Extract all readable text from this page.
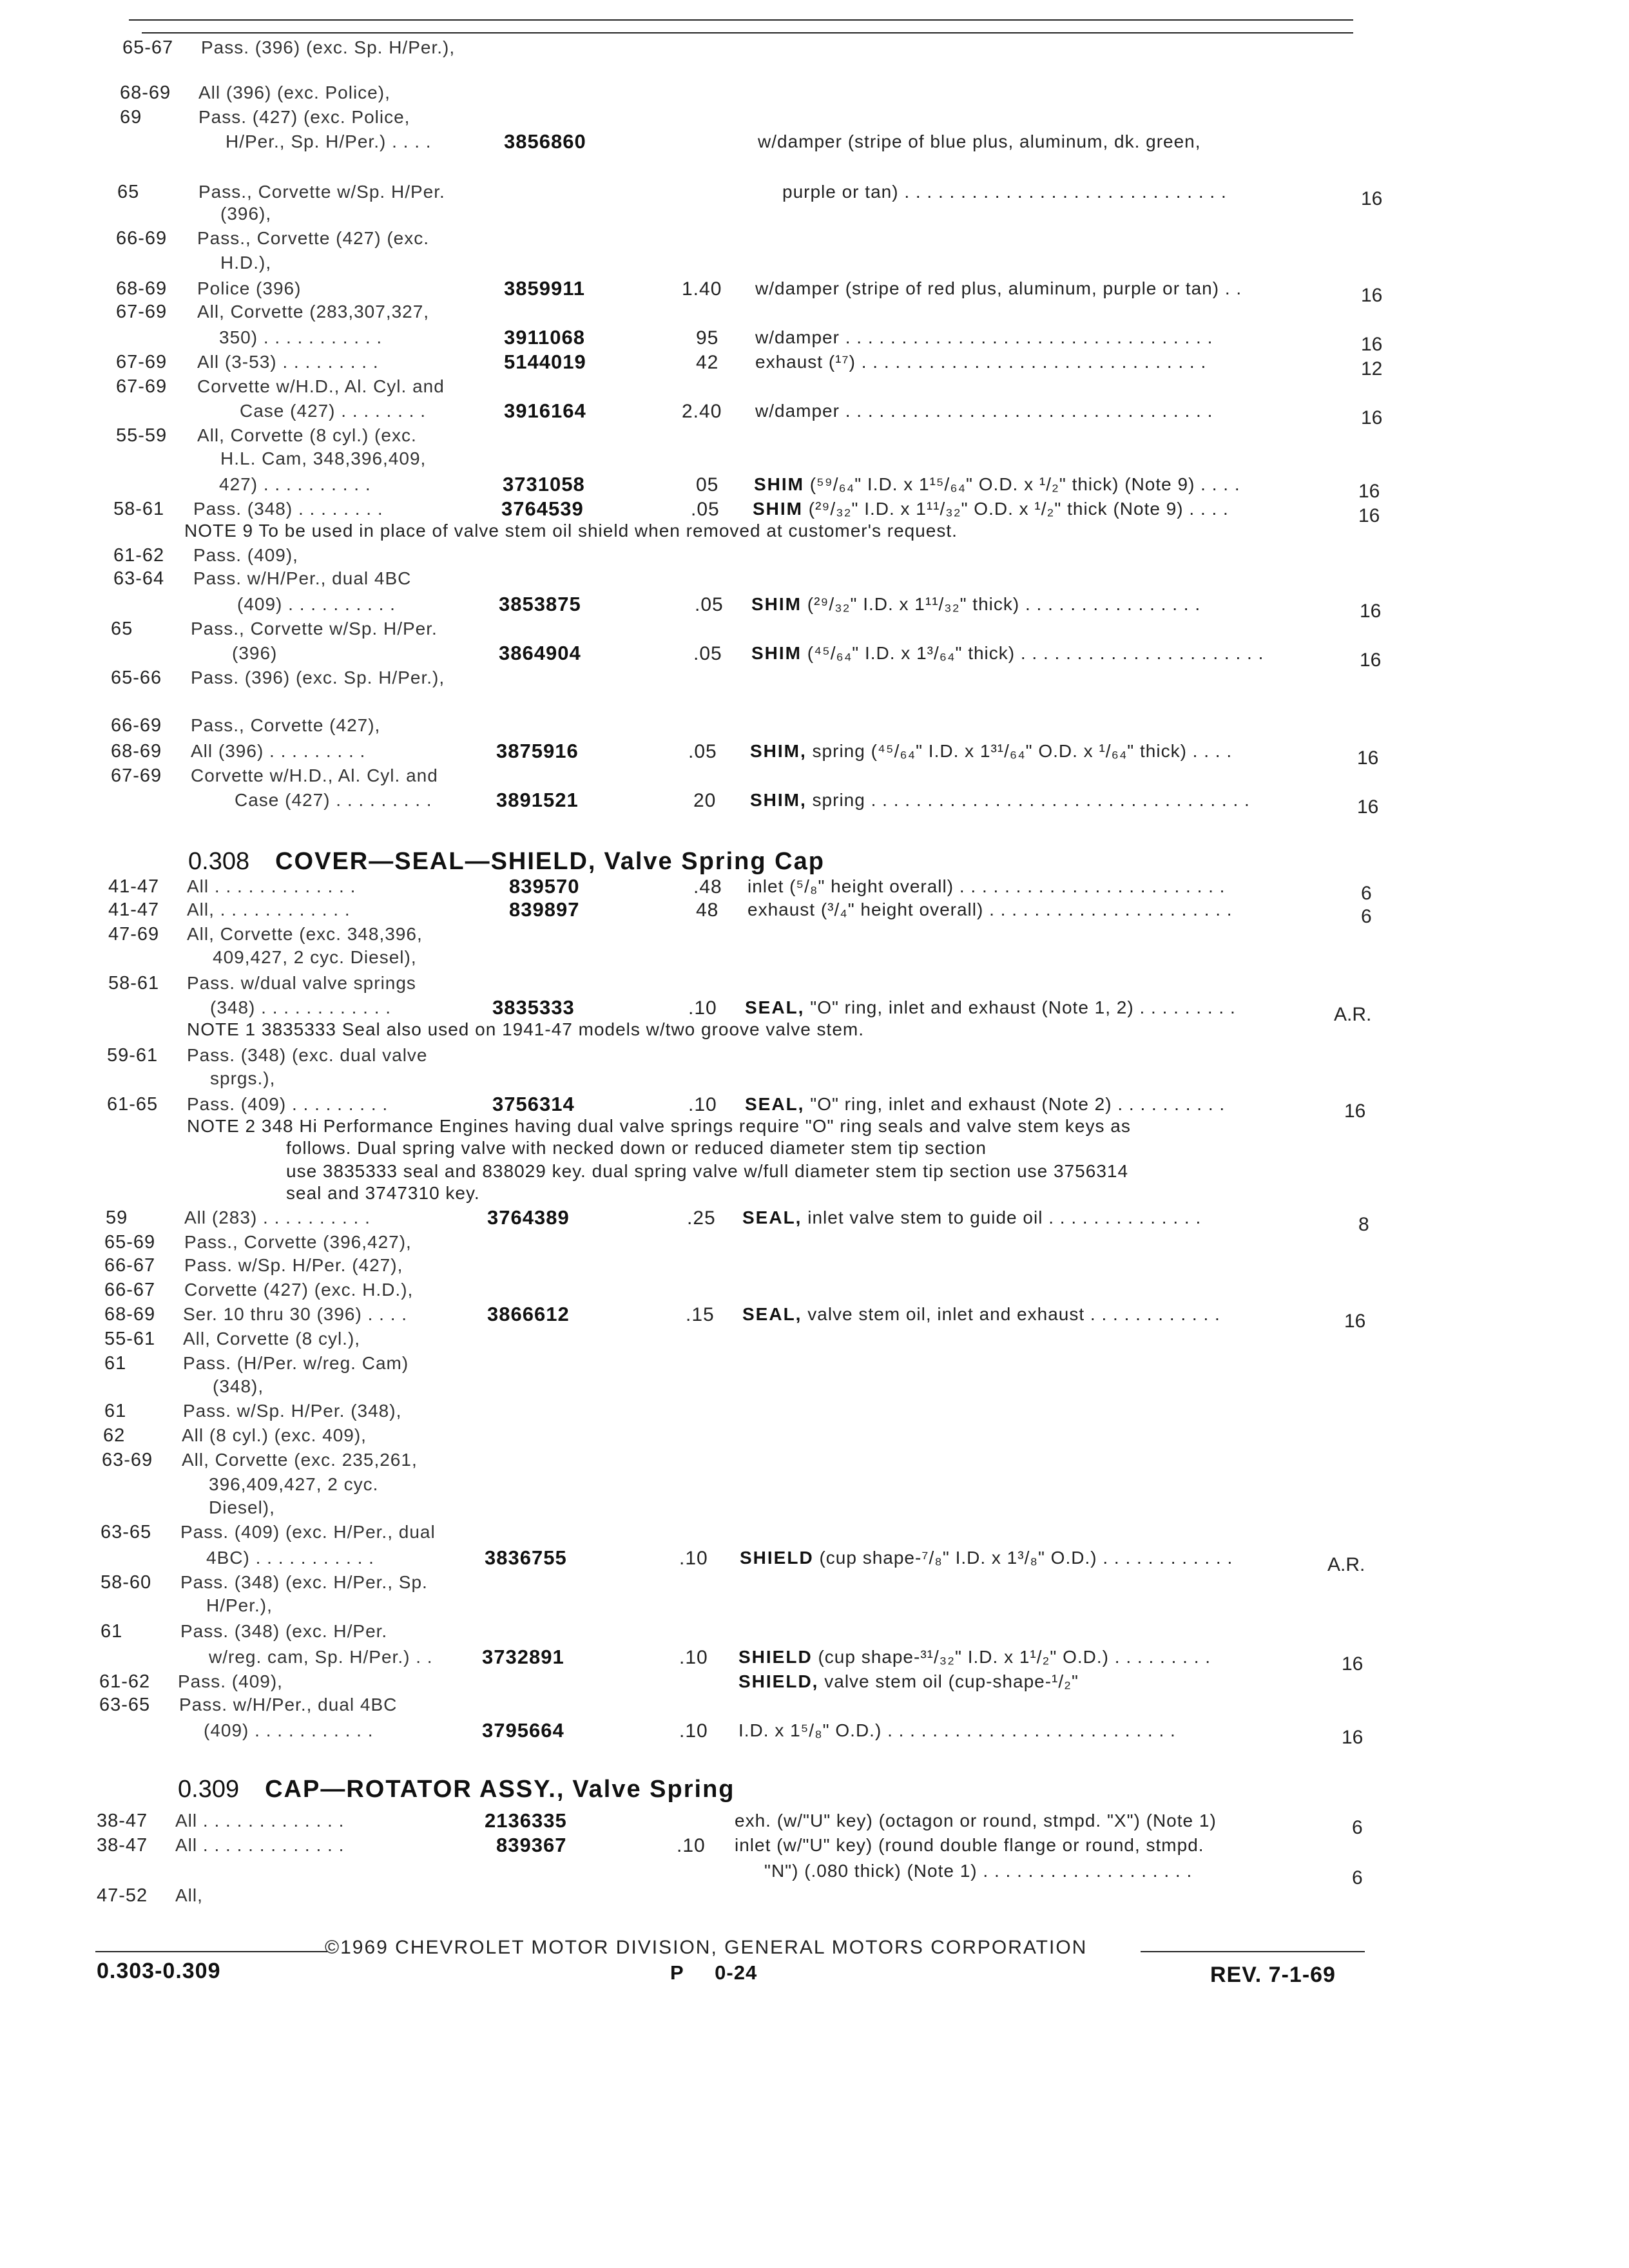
65-67 Pass. (396) (exc. Sp. H/Per.),
68-69 All (396) (exc. Police),
69	Pass. (427) (exc. Police,
H/Per., Sp. H/Per.) . . . .	3856860	w/damper (stripe of blue plus, aluminum, dk. green,
65	Pass., Corvette w/Sp. H/Per.	purple or tan) . . . . . . . . . . . . . . . . . . . . . . . . . . . . .	16
(396),
66-69 Pass., Corvette (427) (exc.
H.D.),
68-69 Police (396)	3859911	1.40 w/damper (stripe of red plus, aluminum, purple or tan) . .	16
67-69 All, Corvette (283,307,327,
350) . . . . . . . . . . .	3911068	95 w/damper . . . . . . . . . . . . . . . . . . . . . . . . . . . . . . . . .	16
67-69 All (3-53) . . . . . . . . .	5144019	42 exhaust (¹⁷) . . . . . . . . . . . . . . . . . . . . . . . . . . . . . . .	12
67-69 Corvette w/H.D., Al. Cyl. and
Case (427) . . . . . . . .	3916164	2.40 w/damper . . . . . . . . . . . . . . . . . . . . . . . . . . . . . . . . .	16
55-59 All, Corvette (8 cyl.) (exc.
H.L. Cam, 348,396,409,
427) . . . . . . . . . .	3731058	05 SHIM (⁵⁹/₆₄" I.D. x 1¹⁵/₆₄" O.D. x ¹/₂" thick) (Note 9) . . . .	16
58-61 Pass. (348) . . . . . . . .	3764539	.05 SHIM (²⁹/₃₂" I.D. x 1¹¹/₃₂" O.D. x ¹/₂" thick (Note 9) . . . .	16
NOTE 9 To be used in place of valve stem oil shield when removed at customer's request.
61-62 Pass. (409),
63-64 Pass. w/H/Per., dual 4BC
(409) . . . . . . . . . .	3853875	.05 SHIM (²⁹/₃₂" I.D. x 1¹¹/₃₂" thick) . . . . . . . . . . . . . . . .	16
65	Pass., Corvette w/Sp. H/Per.
(396)	3864904	.05 SHIM (⁴⁵/₆₄" I.D. x 1³/₆₄" thick) . . . . . . . . . . . . . . . . . . . . . .	16
65-66 Pass. (396) (exc. Sp. H/Per.),
66-69 Pass., Corvette (427),
68-69 All (396) . . . . . . . . .	3875916	.05 SHIM, spring (⁴⁵/₆₄" I.D. x 1³¹/₆₄" O.D. x ¹/₆₄" thick) . . . .	16
67-69 Corvette w/H.D., Al. Cyl. and
Case (427) . . . . . . . . .	3891521	20 SHIM, spring . . . . . . . . . . . . . . . . . . . . . . . . . . . . . . . . . .	16
41-47 All . . . . . . . . . . . . .	839570	.48 inlet (⁵/₈" height overall) . . . . . . . . . . . . . . . . . . . . . . . .	6
41-47 All, . . . . . . . . . . . .	839897	48 exhaust (³/₄" height overall) . . . . . . . . . . . . . . . . . . . . . .	6
47-69 All, Corvette (exc. 348,396,
409,427, 2 cyc. Diesel),
58-61 Pass. w/dual valve springs
(348) . . . . . . . . . . . .	3835333	.10 SEAL, "O" ring, inlet and exhaust (Note 1, 2) . . . . . . . . .	A.R.
NOTE 1 3835333 Seal also used on 1941-47 models w/two groove valve stem.
59-61 Pass. (348) (exc. dual valve
sprgs.),
61-65 Pass. (409) . . . . . . . . .	3756314	.10 SEAL, "O" ring, inlet and exhaust (Note 2) . . . . . . . . . .	16
NOTE 2 348 Hi Performance Engines having dual valve springs require "O" ring seals and valve stem keys as
follows. Dual spring valve with necked down or reduced diameter stem tip section
use 3835333 seal and 838029 key. dual spring valve w/full diameter stem tip section use 3756314
seal and 3747310 key.
59	All (283) . . . . . . . . . .	3764389	.25 SEAL, inlet valve stem to guide oil . . . . . . . . . . . . . .	8
65-69 Pass., Corvette (396,427),
66-67 Pass. w/Sp. H/Per. (427),
66-67 Corvette (427) (exc. H.D.),
68-69 Ser. 10 thru 30 (396) . . . .	3866612	.15 SEAL, valve stem oil, inlet and exhaust . . . . . . . . . . . .	16
55-61 All, Corvette (8 cyl.),
61	Pass. (H/Per. w/reg. Cam)
(348),
61	Pass. w/Sp. H/Per. (348),
62	All (8 cyl.) (exc. 409),
63-69 All, Corvette (exc. 235,261,
396,409,427, 2 cyc.
Diesel),
63-65 Pass. (409) (exc. H/Per., dual
4BC) . . . . . . . . . . .	3836755	.10 SHIELD (cup shape-⁷/₈" I.D. x 1³/₈" O.D.) . . . . . . . . . . . .	A.R.
58-60 Pass. (348) (exc. H/Per., Sp.
H/Per.),
61	Pass. (348) (exc. H/Per.
w/reg. cam, Sp. H/Per.) . . 3732891	.10 SHIELD (cup shape-³¹/₃₂" I.D. x 1¹/₂" O.D.) . . . . . . . . .	16
61-62 Pass. (409),	SHIELD, valve stem oil (cup-shape-¹/₂"
63-65 Pass. w/H/Per., dual 4BC
(409) . . . . . . . . . . .	3795664	.10 I.D. x 1⁵/₈" O.D.) . . . . . . . . . . . . . . . . . . . . . . . . . .	16
38-47 All . . . . . . . . . . . . .	2136335	exh. (w/"U" key) (octagon or round, stmpd. "X") (Note 1)	6
38-47 All . . . . . . . . . . . . .	839367	.10 inlet (w/"U" key) (round double flange or round, stmpd.
"N") (.080 thick) (Note 1) . . . . . . . . . . . . . . . . . . .	6
47-52 All,
0.308 COVER—SEAL—SHIELD, Valve Spring Cap
0.309 CAP—ROTATOR ASSY., Valve Spring
©1969 CHEVROLET MOTOR DIVISION, GENERAL MOTORS CORPORATION
0.303-0.309	P     0-24	REV. 7-1-69
